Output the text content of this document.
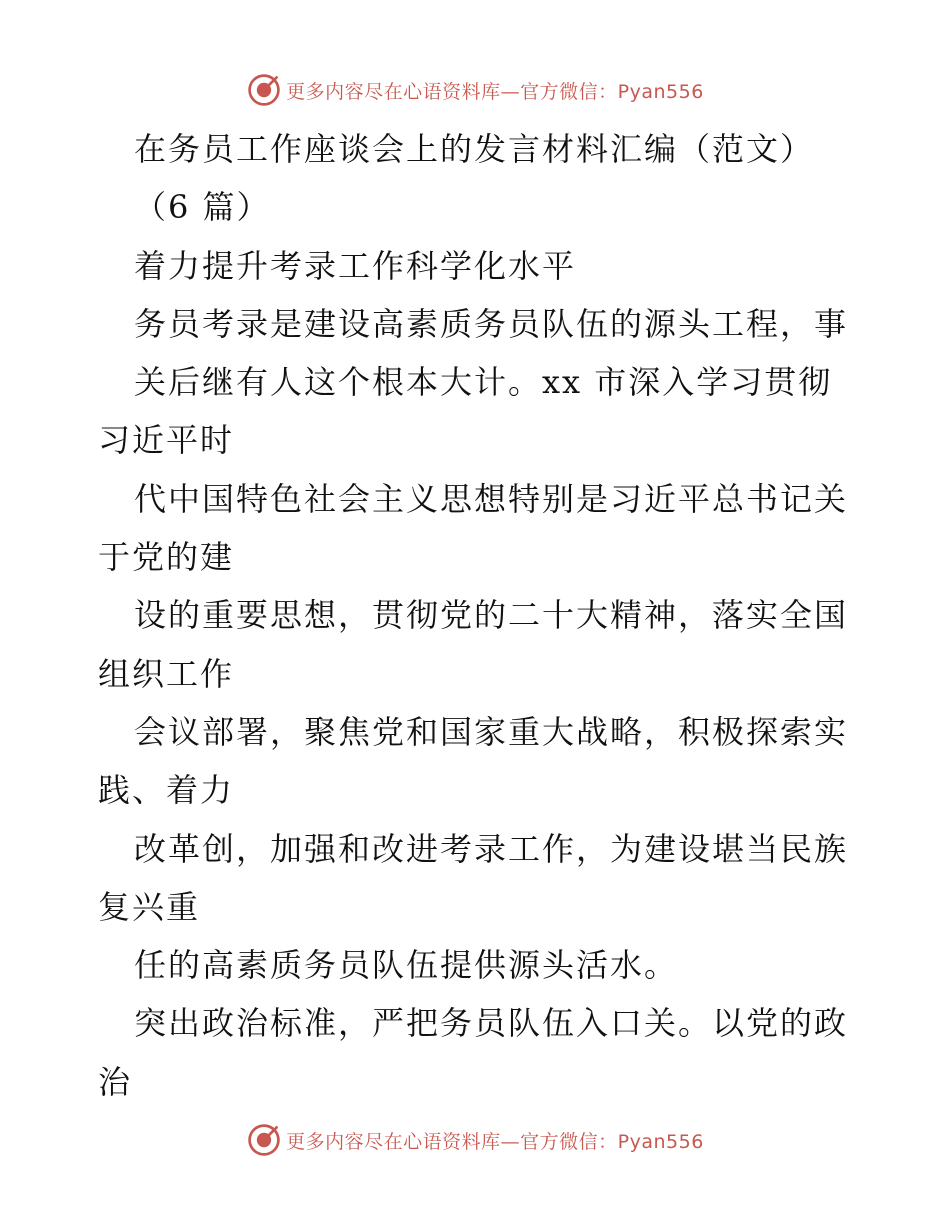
更多内容尽在心语资料库—官方微信：Pyan556
在务员工作座谈会上的发言材料汇编（范文）
（6 篇）
着力提升考录工作科学化水平
务员考录是建设高素质务员队伍的源头工程，事
关后继有人这个根本大计。xx 市深入学习贯彻
习近平时
代中国特色社会主义思想特别是习近平总书记关
于党的建
设的重要思想，贯彻党的二十大精神，落实全国
组织工作
会议部署，聚焦党和国家重大战略，积极探索实
践、着力
改革创，加强和改进考录工作，为建设堪当民族
复兴重
任的高素质务员队伍提供源头活水。
突出政治标准，严把务员队伍入口关。以党的政
治
更多内容尽在心语资料库—官方微信：Pyan556
